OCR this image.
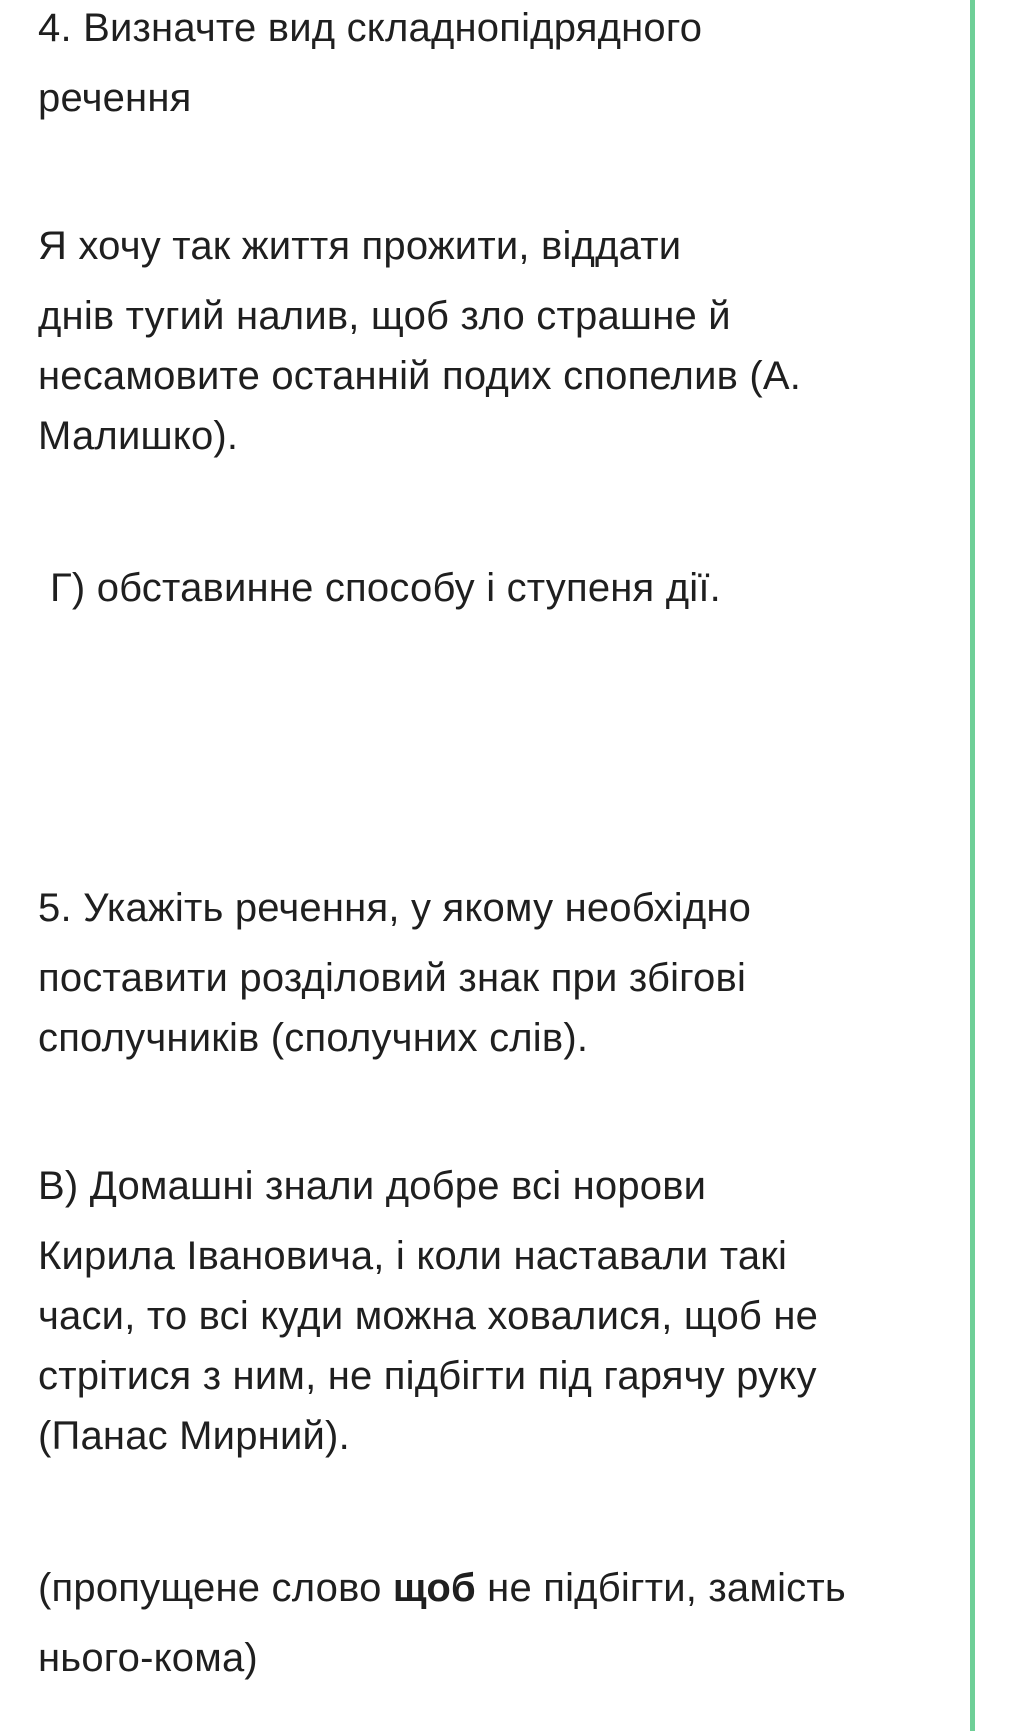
4. Визначте вид складнопідрядного
речення
Я хочу так життя прожити, віддати
днів тугий налив, щоб зло страшне й
несамовите останній подих спопелив (А.
Малишко).
Г) обставинне способу і ступеня дії.
5. Укажіть речення, у якому необхідно
поставити розділовий знак при збігові
сполучників (сполучних слів).
В) Домашні знали добре всі норови
Кирила Івановича, і коли наставали такі
часи, то всі куди можна ховалися, щоб не
стрітися з ним, не підбігти під гарячу руку
(Панас Мирний).
(пропущене слово щоб не підбігти, замість
нього-кома)
